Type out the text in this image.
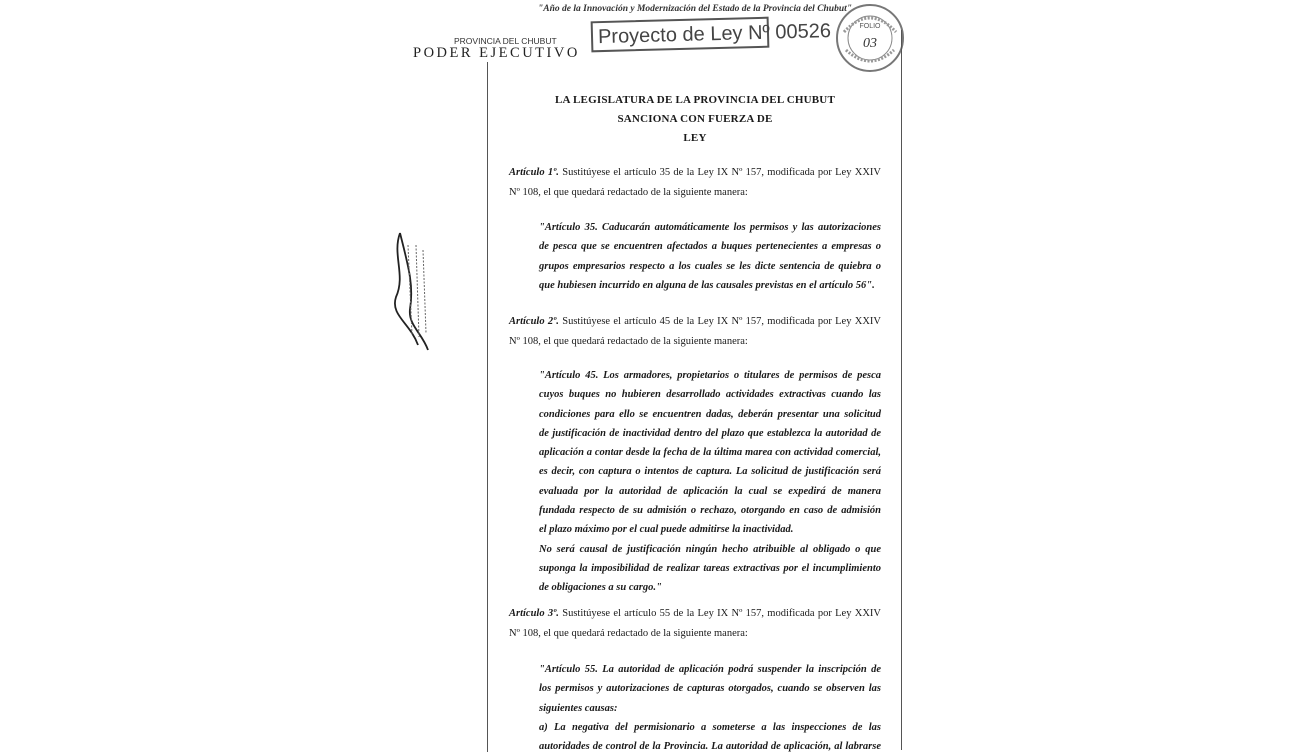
"Año de la Innovación y Modernización del Estado de la Provincia del Chubut"
PROVINCIA DEL CHUBUT
PODER EJECUTIVO
Proyecto de Ley Nº 00526	FOLIO
03
LA LEGISLATURA DE LA PROVINCIA DEL CHUBUT
SANCIONA CON FUERZA DE
LEY
Artículo 1º. Sustitúyese el artículo 35 de la Ley IX Nº 157, modificada por Ley XXIV
Nº 108, el que quedará redactado de la siguiente manera:
"Artículo 35. Caducarán automáticamente los permisos y las autorizaciones
de pesca que se encuentren afectados a buques pertenecientes a empresas o
grupos empresarios respecto a los cuales se les dicte sentencia de quiebra o
que hubiesen incurrido en alguna de las causales previstas en el artículo 56".
Artículo 2º. Sustitúyese el artículo 45 de la Ley IX Nº 157, modificada por Ley XXIV
Nº 108, el que quedará redactado de la siguiente manera:
"Artículo 45. Los armadores, propietarios o titulares de permisos de pesca
cuyos buques no hubieren desarrollado actividades extractivas cuando las
condiciones para ello se encuentren dadas, deberán presentar una solicitud
de justificación de inactividad dentro del plazo que establezca la autoridad de
aplicación a contar desde la fecha de la última marea con actividad comercial,
es decir, con captura o intentos de captura. La solicitud de justificación será
evaluada por la autoridad de aplicación la cual se expedirá de manera
fundada respecto de su admisión o rechazo, otorgando en caso de admisión
el plazo máximo por el cual puede admitirse la inactividad.
No será causal de justificación ningún hecho atribuible al obligado o que
suponga la imposibilidad de realizar tareas extractivas por el incumplimiento
de obligaciones a su cargo."
Artículo 3º. Sustitúyese el artículo 55 de la Ley IX Nº 157, modificada por Ley XXIV
Nº 108, el que quedará redactado de la siguiente manera:
"Artículo 55. La autoridad de aplicación podrá suspender la inscripción de
los permisos y autorizaciones de capturas otorgados, cuando se observen las
siguientes causas:
a) La negativa del permisionario a someterse a las inspecciones de las
autoridades de control de la Provincia. La autoridad de aplicación, al labrarse
